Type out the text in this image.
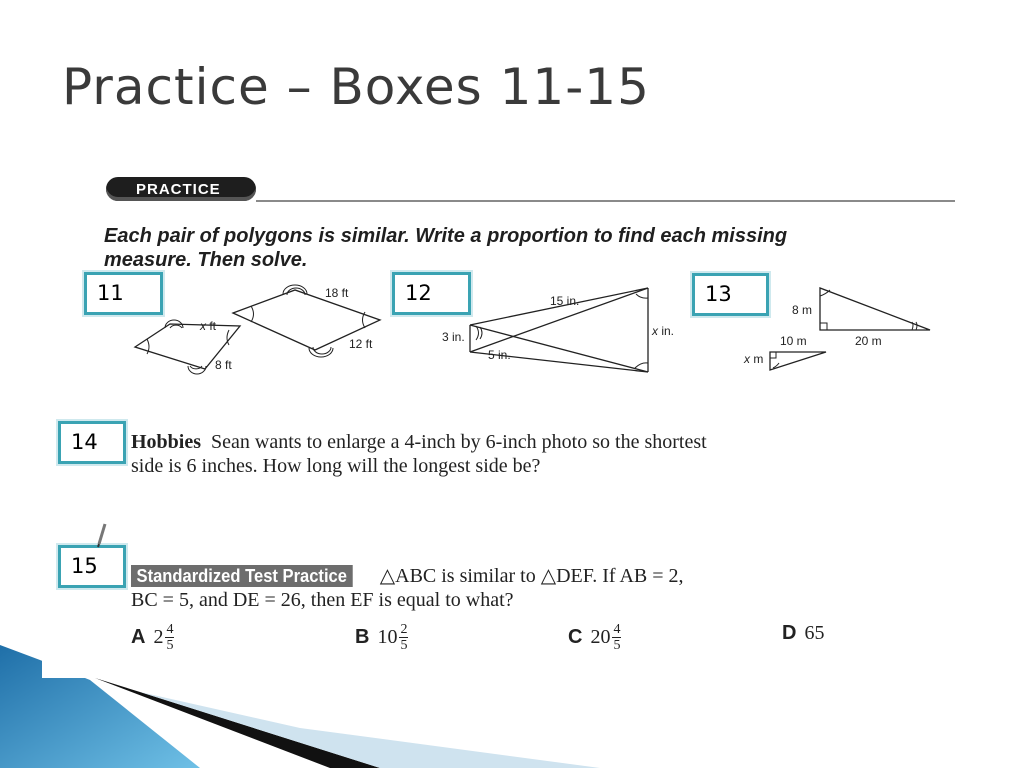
Practice – Boxes 11-15
PRACTICE
Each pair of polygons is similar. Write a proportion to find each missing measure. Then solve.
11	12	13
14
15
18 ft
12 ft
x ft
8 ft
15 in.
3 in.
5 in.
x in.
8 m
20 m
10 m
x m
Hobbies Sean wants to enlarge a 4-inch by 6-inch photo so the shortest
side is 6 inches. How long will the longest side be?
Standardized Test Practice △ABC is similar to △DEF. If AB = 2,
BC = 5, and DE = 26, then EF is equal to what?
A $2 \frac{4}{5}$	B $10 \frac{2}{5}$	C $20 \frac{4}{5}$	D 65
